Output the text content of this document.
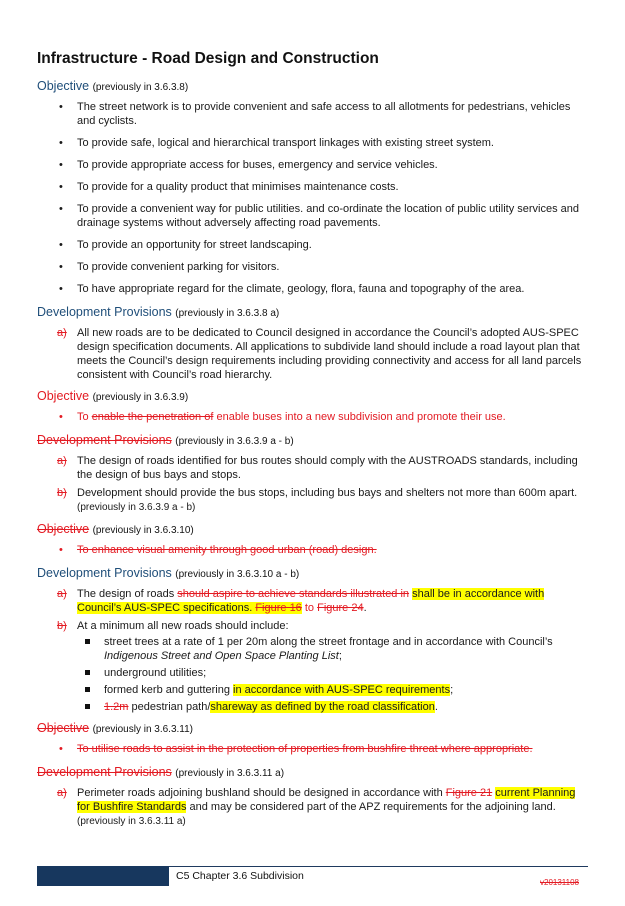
Infrastructure - Road Design and Construction
Objective (previously in 3.6.3.8)
• The street network is to provide convenient and safe access to all allotments for pedestrians, vehicles and cyclists.
• To provide safe, logical and hierarchical transport linkages with existing street system.
• To provide appropriate access for buses, emergency and service vehicles.
• To provide for a quality product that minimises maintenance costs.
• To provide a convenient way for public utilities. and co-ordinate the location of public utility services and drainage systems without adversely affecting road pavements.
• To provide an opportunity for street landscaping.
• To provide convenient parking for visitors.
• To have appropriate regard for the climate, geology, flora, fauna and topography of the area.
Development Provisions (previously in 3.6.3.8 a)
a) All new roads are to be dedicated to Council designed in accordance the Council’s adopted AUS-SPEC design specification documents. All applications to subdivide land should include a road layout plan that meets the Council’s design requirements including providing connectivity and access for all land parcels consistent with Council’s road hierarchy.
Objective (previously in 3.6.3.9)
• To enable the penetration of enable buses into a new subdivision and promote their use.
Development Provisions (previously in 3.6.3.9 a - b)
a) The design of roads identified for bus routes should comply with the AUSTROADS standards, including the design of bus bays and stops.
b) Development should provide the bus stops, including bus bays and shelters not more than 600m apart. (previously in 3.6.3.9 a - b)
Objective (previously in 3.6.3.10)
• To enhance visual amenity through good urban (road) design.
Development Provisions (previously in 3.6.3.10 a - b)
a) The design of roads should aspire to achieve standards illustrated in shall be in accordance with Council’s AUS-SPEC specifications. Figure 16 to Figure 24.
b) At a minimum all new roads should include:
street trees at a rate of 1 per 20m along the street frontage and in accordance with Council’s Indigenous Street and Open Space Planting List;
underground utilities;
formed kerb and guttering in accordance with AUS-SPEC requirements;
1.2m pedestrian path/shareway as defined by the road classification.
Objective (previously in 3.6.3.11)
• To utilise roads to assist in the protection of properties from bushfire threat where appropriate.
Development Provisions (previously in 3.6.3.11 a)
a) Perimeter roads adjoining bushland should be designed in accordance with Figure 21 current Planning for Bushfire Standards and may be considered part of the APZ requirements for the adjoining land. (previously in 3.6.3.11 a)
C5 Chapter 3.6 Subdivision
v20131108
